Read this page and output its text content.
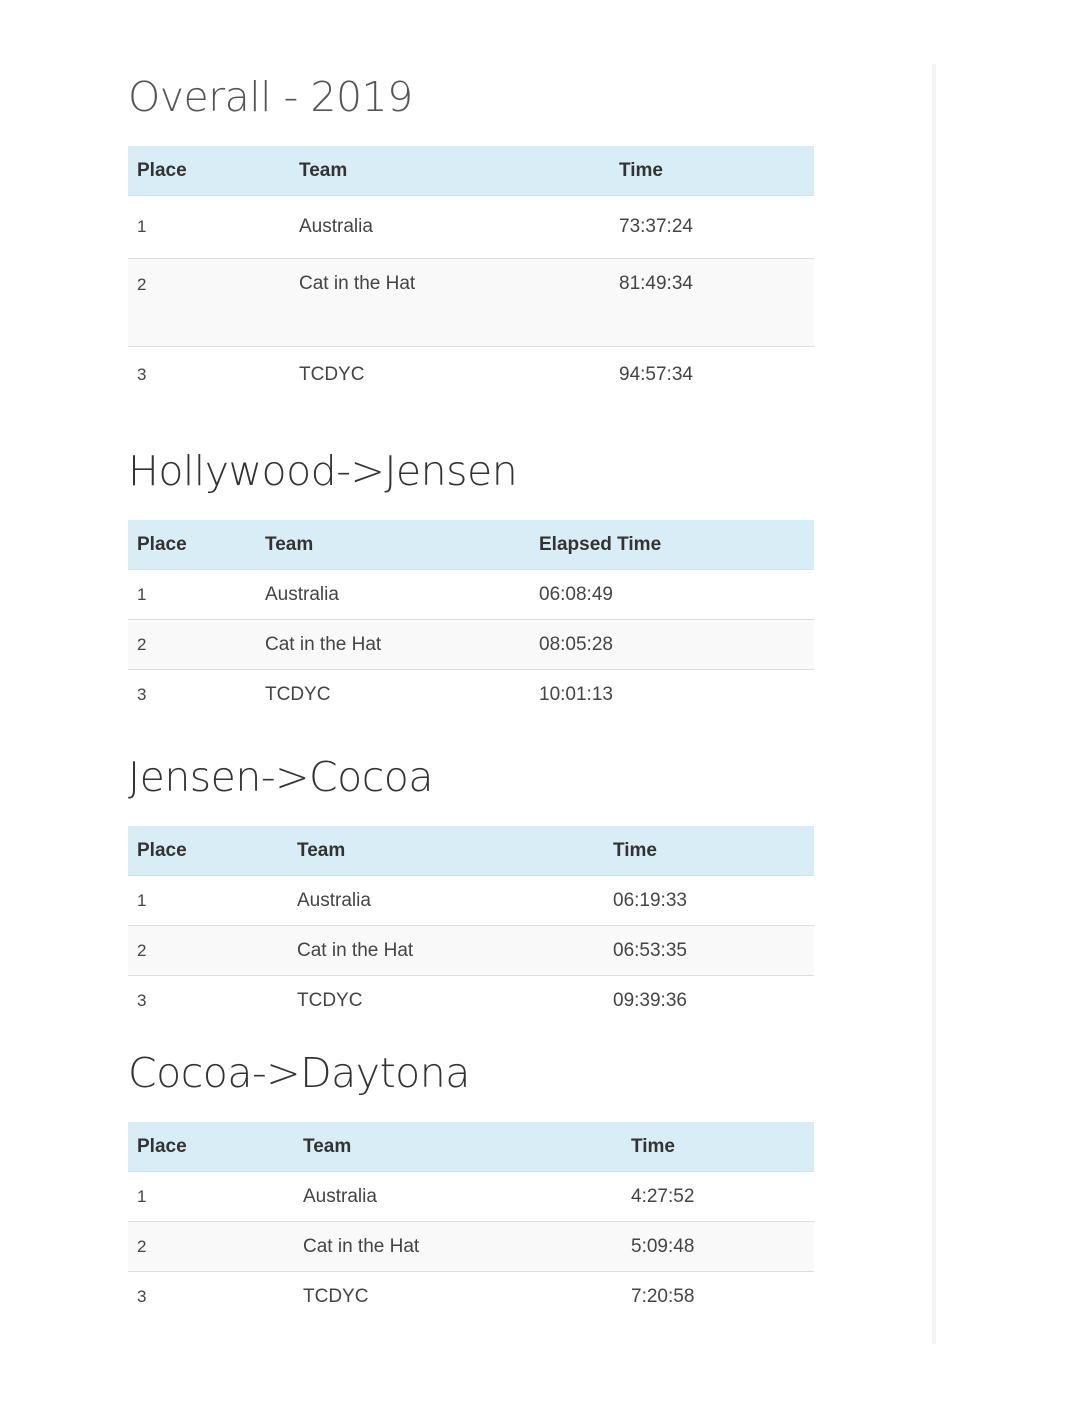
Overall - 2019
Place	Team	Time
1	Australia	73:37:24
2	Cat in the Hat	81:49:34
3	TCDYC	94:57:34
Hollywood->Jensen
Place	Team	Elapsed Time
1	Australia	06:08:49
2	Cat in the Hat	08:05:28
3	TCDYC	10:01:13
Jensen->Cocoa
Place	Team	Time
1	Australia	06:19:33
2	Cat in the Hat	06:53:35
3	TCDYC	09:39:36
Cocoa->Daytona
Place	Team	Time
1	Australia	4:27:52
2	Cat in the Hat	5:09:48
3	TCDYC	7:20:58
